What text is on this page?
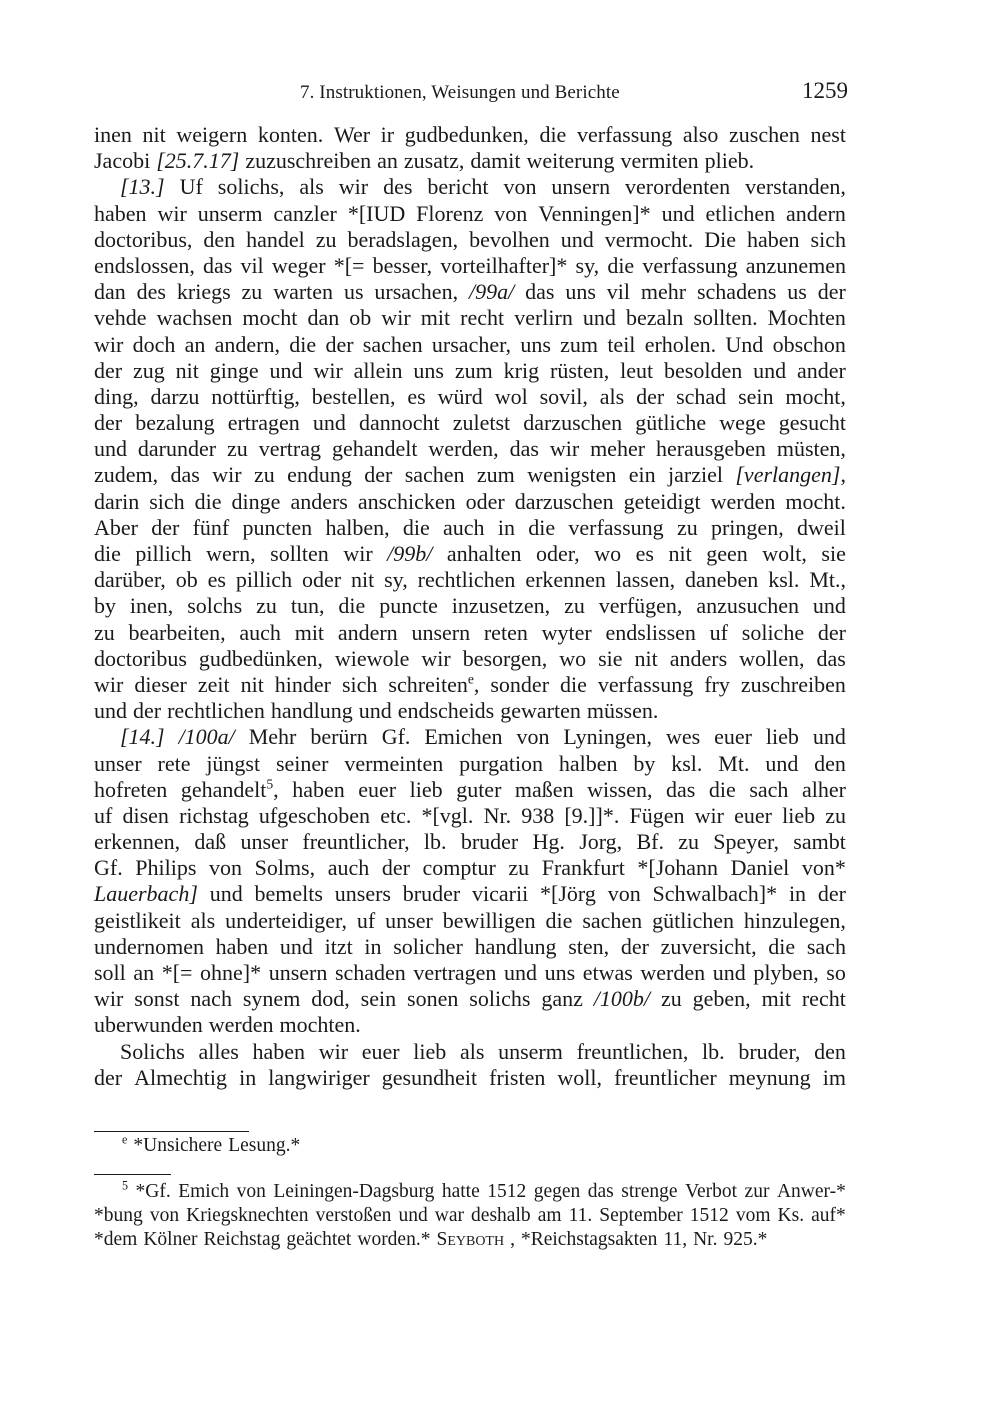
7. Instruktionen, Weisungen und Berichte	1259
inen nit weigern konten. Wer ir gudbedunken, die verfassung also zuschen nest
Jacobi [25.7.17] zuzuschreiben an zusatz, damit weiterung vermiten plieb.
[13.] Uf solichs, als wir des bericht von unsern verordenten verstanden,
haben wir unserm canzler *[IUD Florenz von Venningen]* und etlichen andern
doctoribus, den handel zu beradslagen, bevolhen und vermocht. Die haben sich
endslossen, das vil weger *[= besser, vorteilhafter]* sy, die verfassung anzunemen
dan des kriegs zu warten us ursachen, /99a/ das uns vil mehr schadens us der
vehde wachsen mocht dan ob wir mit recht verlirn und bezaln sollten. Mochten
wir doch an andern, die der sachen ursacher, uns zum teil erholen. Und obschon
der zug nit ginge und wir allein uns zum krig rüsten, leut besolden und ander
ding, darzu nottürftig, bestellen, es würd wol sovil, als der schad sein mocht,
der bezalung ertragen und dannocht zuletst darzuschen gütliche wege gesucht
und darunder zu vertrag gehandelt werden, das wir meher herausgeben müsten,
zudem, das wir zu endung der sachen zum wenigsten ein jarziel [verlangen],
darin sich die dinge anders anschicken oder darzuschen geteidigt werden mocht.
Aber der fünf puncten halben, die auch in die verfassung zu pringen, dweil
die pillich wern, sollten wir /99b/ anhalten oder, wo es nit geen wolt, sie
darüber, ob es pillich oder nit sy, rechtlichen erkennen lassen, daneben ksl. Mt.,
by inen, solchs zu tun, die puncte inzusetzen, zu verfügen, anzusuchen und
zu bearbeiten, auch mit andern unsern reten wyter endslissen uf soliche der
doctoribus gudbedünken, wiewole wir besorgen, wo sie nit anders wollen, das
wir dieser zeit nit hinder sich schreiten$^e$, sonder die verfassung fry zuschreiben
und der rechtlichen handlung und endscheids gewarten müssen.
[14.] /100a/ Mehr berürn Gf. Emichen von Lyningen, wes euer lieb und
unser rete jüngst seiner vermeinten purgation halben by ksl. Mt. und den
hofreten gehandelt$^5$, haben euer lieb guter maßen wissen, das die sach alher
uf disen richstag ufgeschoben etc. *[vgl. Nr. 938 [9.]]*. Fügen wir euer lieb zu
erkennen, daß unser freuntlicher, lb. bruder Hg. Jorg, Bf. zu Speyer, sambt
Gf. Philips von Solms, auch der comptur zu Frankfurt *[Johann Daniel von*
Lauerbach] und bemelts unsers bruder vicarii *[Jörg von Schwalbach]* in der
geistlikeit als underteidiger, uf unser bewilligen die sachen gütlichen hinzulegen,
undernomen haben und itzt in solicher handlung sten, der zuversicht, die sach
soll an *[= ohne]* unsern schaden vertragen und uns etwas werden und plyben, so
wir sonst nach synem dod, sein sonen solichs ganz /100b/ zu geben, mit recht
uberwunden werden mochten.
Solichs alles haben wir euer lieb als unserm freuntlichen, lb. bruder, den
der Almechtig in langwiriger gesundheit fristen woll, freuntlicher meynung im
$^e$ *Unsichere Lesung.*
$^5$ *Gf. Emich von Leiningen-Dagsburg hatte 1512 gegen das strenge Verbot zur Anwer-*
*bung von Kriegsknechten verstoßen und war deshalb am 11. September 1512 vom Ks. auf*
*dem Kölner Reichstag geächtet worden.* Seyboth , *Reichstagsakten 11, Nr. 925.*
